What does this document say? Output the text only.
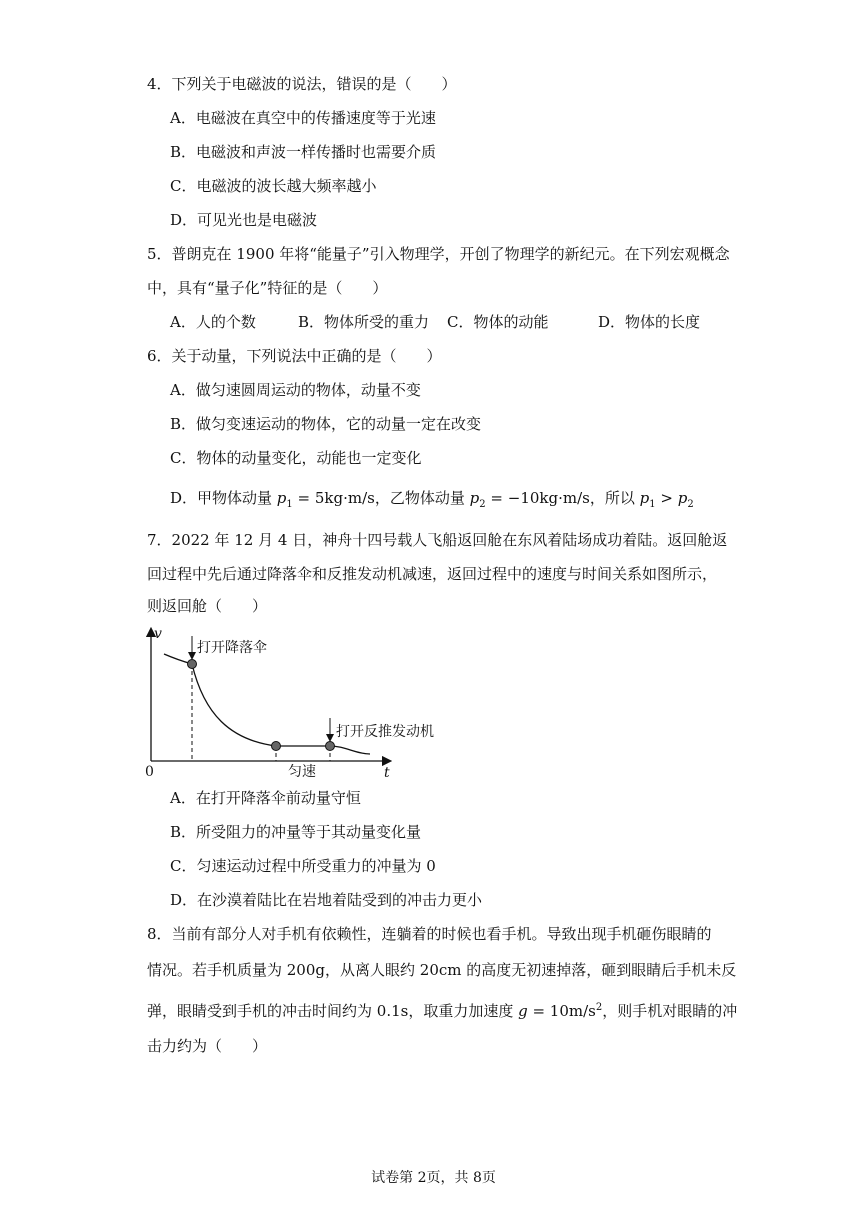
4．下列关于电磁波的说法，错误的是（　　）
A．电磁波在真空中的传播速度等于光速
B．电磁波和声波一样传播时也需要介质
C．电磁波的波长越大频率越小
D．可见光也是电磁波
5．普朗克在 1900 年将“能量子”引入物理学，开创了物理学的新纪元。在下列宏观概念
中，具有“量子化”特征的是（　　）
A．人的个数	B．物体所受的重力 C．物体的动能	D．物体的长度
6．关于动量，下列说法中正确的是（　　）
A．做匀速圆周运动的物体，动量不变
B．做匀变速运动的物体，它的动量一定在改变
C．物体的动量变化，动能也一定变化
D．甲物体动量 $p_1 = 5kg\cdot m/s$，乙物体动量 $p_2 = -10kg\cdot m/s$，所以 $p_1 > p_2$
7．2022 年 12 月 4 日，神舟十四号载人飞船返回舱在东风着陆场成功着陆。返回舱返
回过程中先后通过降落伞和反推发动机减速，返回过程中的速度与时间关系如图所示，
则返回舱（　　）
v
t
0
打开降落伞
打开反推发动机
匀速
A．在打开降落伞前动量守恒
B．所受阻力的冲量等于其动量变化量
C．匀速运动过程中所受重力的冲量为 0
D．在沙漠着陆比在岩地着陆受到的冲击力更小
8．当前有部分人对手机有依赖性，连躺着的时候也看手机。导致出现手机砸伤眼睛的
情况。若手机质量为 200g，从离人眼约 20cm 的高度无初速掉落，砸到眼睛后手机未反
弹，眼睛受到手机的冲击时间约为 0.1s，取重力加速度 $g = 10m/s^2$，则手机对眼睛的冲
击力约为（　　）
试卷第 2页，共 8页
